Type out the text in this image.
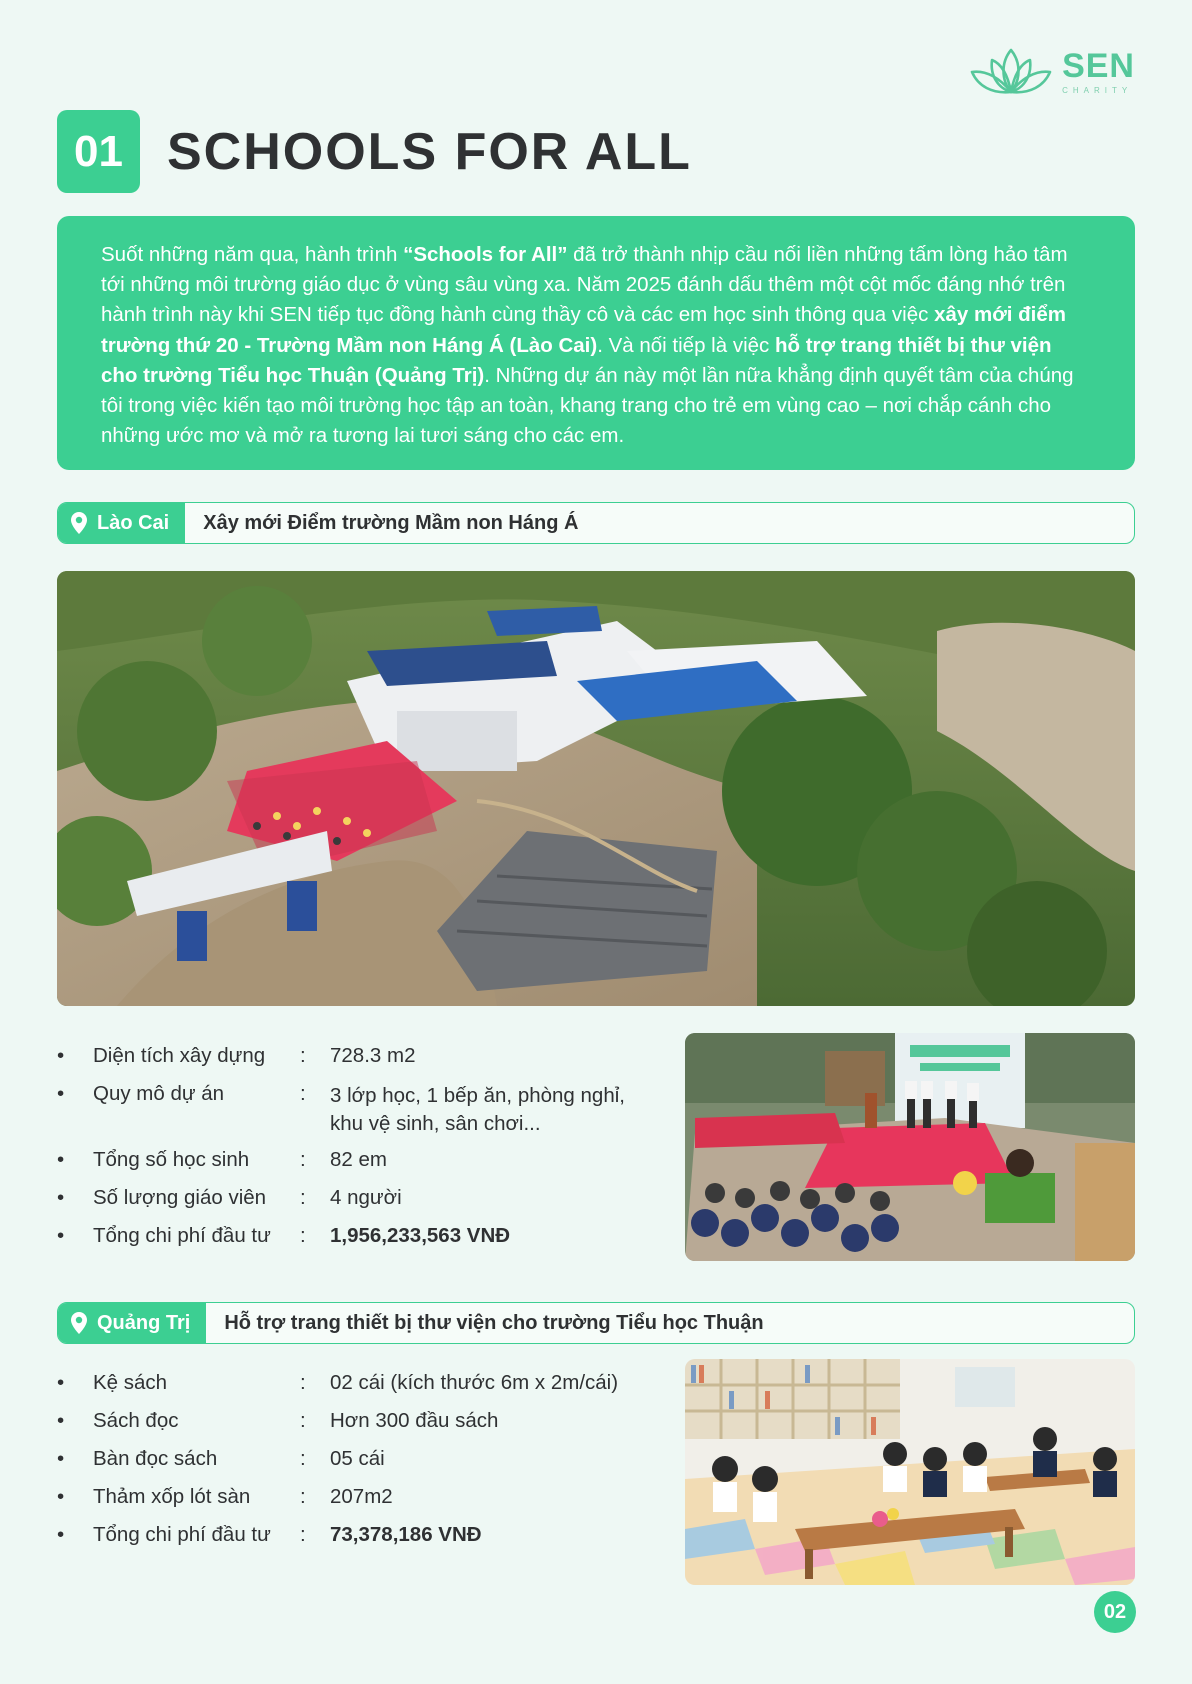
SEN
CHARITY
01 SCHOOLS FOR ALL

Suốt những năm qua, hành trình “Schools for All” đã trở thành nhịp cầu nối liền những tấm lòng hảo tâm tới những môi trường giáo dục ở vùng sâu vùng xa. Năm 2025 đánh dấu thêm một cột mốc đáng nhớ trên hành trình này khi SEN tiếp tục đồng hành cùng thầy cô và các em học sinh thông qua việc xây mới điểm trường thứ 20 - Trường Mầm non Háng Á (Lào Cai). Và nối tiếp là việc hỗ trợ trang thiết bị thư viện cho trường Tiểu học Thuận (Quảng Trị). Những dự án này một lần nữa khẳng định quyết tâm của chúng tôi trong việc kiến tạo môi trường học tập an toàn, khang trang cho trẻ em vùng cao – nơi chắp cánh cho những ước mơ và mở ra tương lai tươi sáng cho các em.

Lào Cai	Xây mới Điểm trường Mầm non Háng Á
•	Diện tích xây dựng	:	728.3 m2
•	Quy mô dự án	:	3 lớp học, 1 bếp ăn, phòng nghỉ,
khu vệ sinh, sân chơi...
•	Tổng số học sinh	:	82 em
•	Số lượng giáo viên	:	4 người
•	Tổng chi phí đầu tư	:	1,956,233,563 VNĐ
Quảng Trị	Hỗ trợ trang thiết bị thư viện cho trường Tiểu học Thuận
•	Kệ sách	:	02 cái (kích thước 6m x 2m/cái)
•	Sách đọc	:	Hơn 300 đầu sách
•	Bàn đọc sách	:	05 cái
•	Thảm xốp lót sàn	:	207m2
•	Tổng chi phí đầu tư	:	73,378,186 VNĐ
02
